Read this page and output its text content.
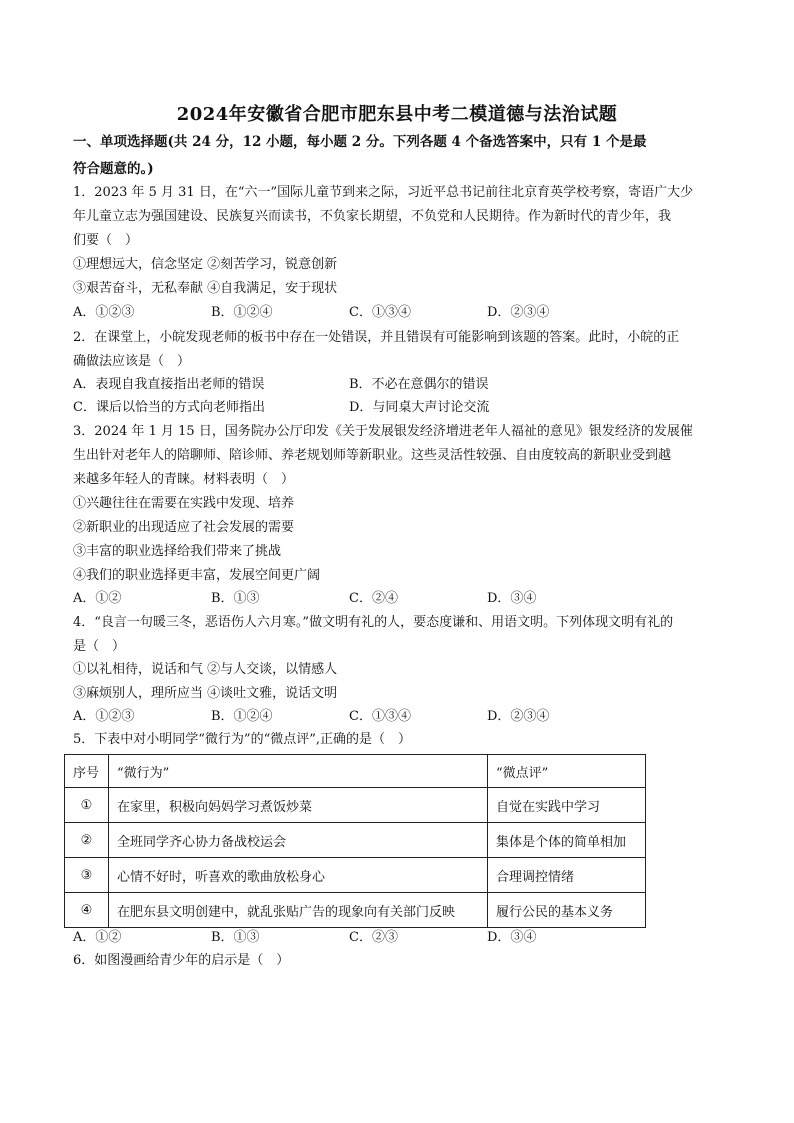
2024年安徽省合肥市肥东县中考二模道德与法治试题
一、单项选择题(共 24 分，12 小题，每小题 2 分。下列各题 4 个备选答案中，只有 1 个是最
符合题意的。)
1．2023 年 5 月 31 日，在“六一”国际儿童节到来之际，习近平总书记前往北京育英学校考察，寄语广大少
年儿童立志为强国建设、民族复兴而读书，不负家长期望，不负党和人民期待。作为新时代的青少年，我
们要（　）
①理想远大，信念坚定 ②刻苦学习，锐意创新
③艰苦奋斗，无私奉献 ④自我满足，安于现状
A．①②③	B．①②④	C．①③④	D．②③④
2．在课堂上，小皖发现老师的板书中存在一处错误，并且错误有可能影响到该题的答案。此时，小皖的正
确做法应该是（　）
A．表现自我直接指出老师的错误	B．不必在意偶尔的错误
C．课后以恰当的方式向老师指出	D．与同桌大声讨论交流
3．2024 年 1 月 15 日，国务院办公厅印发《关于发展银发经济增进老年人福祉的意见》银发经济的发展催
生出针对老年人的陪聊师、陪诊师、养老规划师等新职业。这些灵活性较强、自由度较高的新职业受到越
来越多年轻人的青睐。材料表明（　）
①兴趣往往在需要在实践中发现、培养
②新职业的出现适应了社会发展的需要
③丰富的职业选择给我们带来了挑战
④我们的职业选择更丰富，发展空间更广阔
A．①②	B．①③	C．②④	D．③④
4．“良言一句暖三冬，恶语伤人六月寒。”做文明有礼的人，要态度谦和、用语文明。下列体现文明有礼的
是（　）
①以礼相待，说话和气 ②与人交谈，以情感人
③麻烦别人，理所应当 ④谈吐文雅，说话文明
A．①②③	B．①②④	C．①③④	D．②③④
5．下表中对小明同学“微行为”的“微点评”,正确的是（　）
序号	“微行为”	“微点评”
①	在家里，积极向妈妈学习煮饭炒菜	自觉在实践中学习
②	全班同学齐心协力备战校运会	集体是个体的简单相加
③	心情不好时，听喜欢的歌曲放松身心	合理调控情绪
④	在肥东县文明创建中，就乱张贴广告的现象向有关部门反映	履行公民的基本义务
A．①②	B．①③	C．②③	D．③④
6．如图漫画给青少年的启示是（　）
